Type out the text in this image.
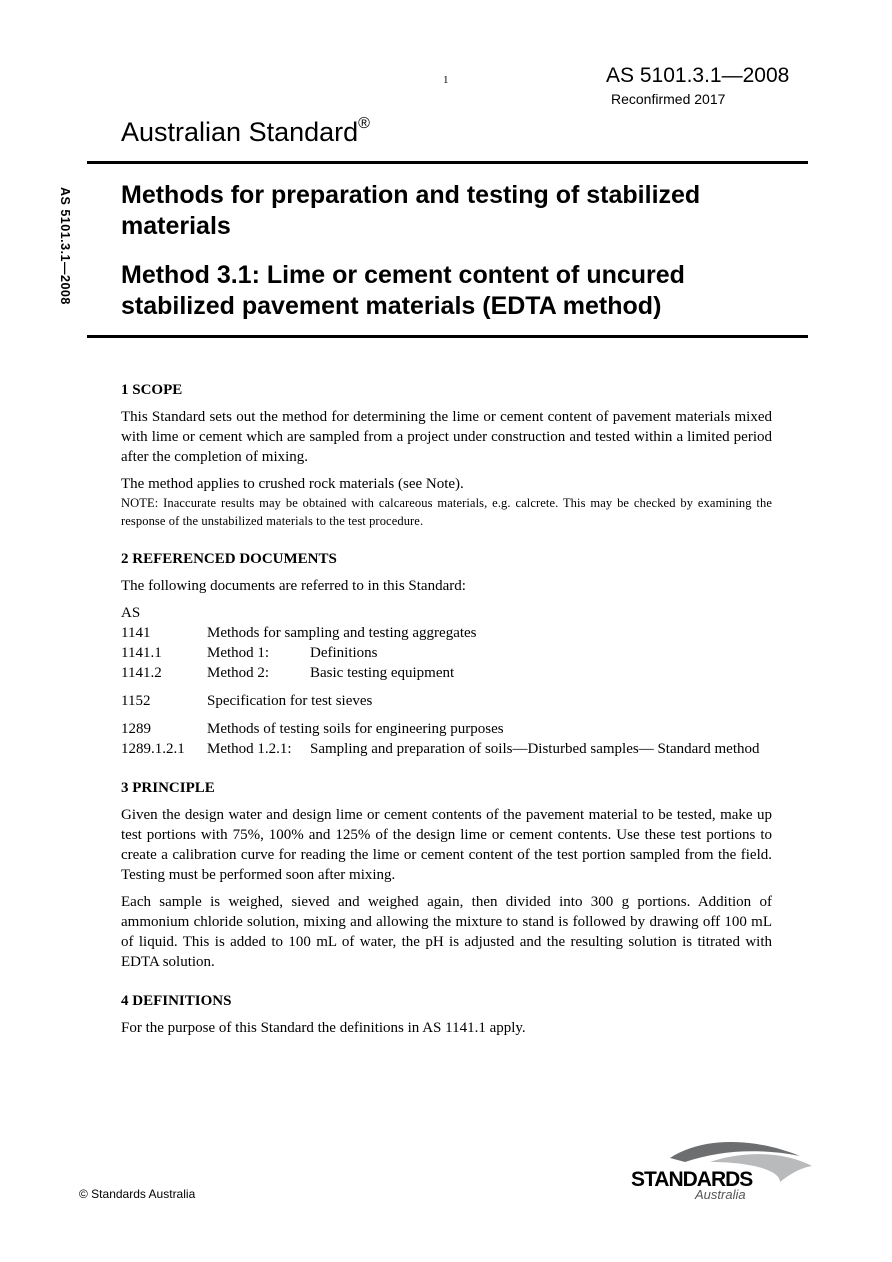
1	AS 5101.3.1—2008
Reconfirmed 2017
Australian Standard®
AS 5101.3.1—2008 Methods for preparation and testing of stabilized materials
Method 3.1: Lime or cement content of uncured stabilized pavement materials (EDTA method)
1 SCOPE

This Standard sets out the method for determining the lime or cement content of pavement materials mixed with lime or cement which are sampled from a project under construction and tested within a limited period after the completion of mixing.

The method applies to crushed rock materials (see Note).

NOTE: Inaccurate results may be obtained with calcareous materials, e.g. calcrete. This may be checked by examining the response of the unstabilized materials to the test procedure.

2 REFERENCED DOCUMENTS

The following documents are referred to in this Standard:

AS		
1141	Methods for sampling and testing aggregates	
1141.1	Method 1:	Definitions
1141.2	Method 2:	Basic testing equipment
1152	Specification for test sieves	
1289	Methods of testing soils for engineering purposes	
1289.1.2.1	Method 1.2.1:	Sampling and preparation of soils—Disturbed samples— Standard method
3 PRINCIPLE

Given the design water and design lime or cement contents of the pavement material to be tested, make up test portions with 75%, 100% and 125% of the design lime or cement contents. Use these test portions to create a calibration curve for reading the lime or cement content of the test portion sampled from the field. Testing must be performed soon after mixing.

Each sample is weighed, sieved and weighed again, then divided into 300 g portions. Addition of ammonium chloride solution, mixing and allowing the mixture to stand is followed by drawing off 100 mL of liquid. This is added to 100 mL of water, the pH is adjusted and the resulting solution is titrated with EDTA solution.

4 DEFINITIONS

For the purpose of this Standard the definitions in AS 1141.1 apply.

© Standards Australia
STANDARDS
Australia
